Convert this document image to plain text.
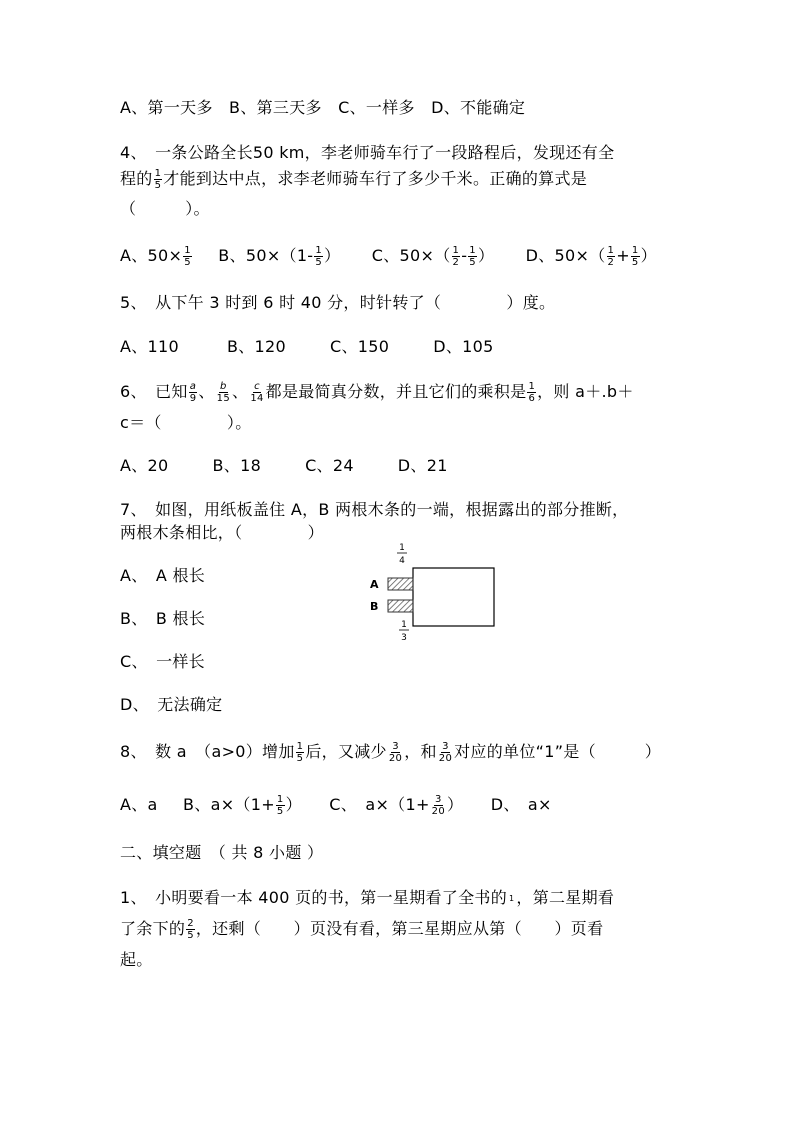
A、第一天多　B、第三天多　C、一样多　D、不能确定
4、　一条公路全长50 km，李老师骑车行了一段路程后，发现还有全
程的 $\frac{1}{5}$ 才能到达中点，求李老师骑车行了多少千米。正确的算式是
（　　　）。
A、$50\times \frac{1}{5}$ B、$50\times(1- \frac{1}{5}$ ） C、$50\times( \frac{1}{2} - \frac{1}{5}$ ） D、$50\times( \frac{1}{2} + \frac{1}{5}$ ）
5、　从下午 3 时到 6 时 40 分，时针转了（　　　　）度。
A、110	B、120	C、150	D、105
6、　已知 $\frac{a}{9}$ 、 $\frac{b}{15}$ 、 $\frac{c}{14}$ 都是最简真分数，并且它们的乘积是 $\frac{1}{6}$ ，则 a＋.b＋
c＝（　　　　）。
A、20	B、18	C、24	D、21
7、　如图，用纸板盖住 A，B 两根木条的一端，根据露出的部分推断，
两根木条相比，（　　　　）
A、　A 根长
B、　B 根长
C、　一样长
D、　无法确定
1
4
A
B
1
3
8、　数 a　（a>0）增加 $\frac{1}{5}$ 后，又减少 $\frac{3}{20}$ ，和 $\frac{3}{20}$ 对应的单位“1”是（　　　）
A、a B、$a\times(1+ \frac{1}{5}$ ） C、　$a\times(1+ \frac{3}{20}$ ） D、　a×
二、填空题　（ 共 8 小题 ）
1、　小明要看一本 400 页的书，第一星期看了全书的 1 ，第二星期看
了余下的 $\frac{2}{5}$ ，还剩（　　）页没有看，第三星期应从第（　　）页看
起。
